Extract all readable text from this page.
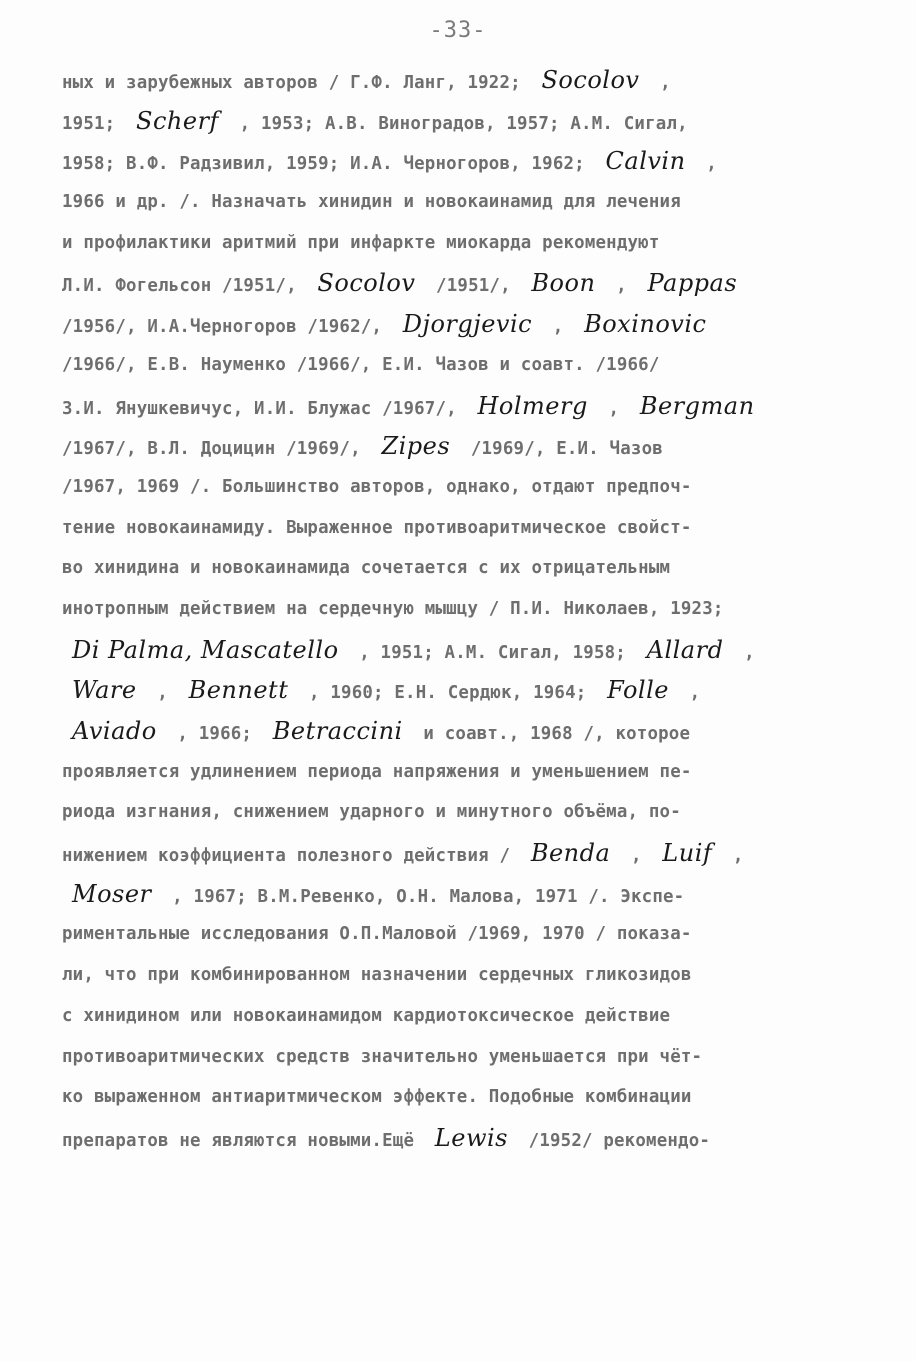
-33-
ных и зарубежных авторов / Г.Ф. Ланг, 1922; Socolov ,
1951; Scherf , 1953; А.В. Виноградов, 1957; А.М. Сигал,
1958; В.Ф. Радзивил, 1959; И.А. Черногоров, 1962; Calvin ,
1966 и др. /. Назначать хинидин и новокаинамид для лечения
и профилактики аритмий при инфаркте миокарда рекомендуют
Л.И. Фогельсон /1951/, Socolov /1951/, Boon , Pappas
/1956/, И.А.Черногоров /1962/, Djorgjevic , Boxinovic
/1966/, Е.В. Науменко /1966/, Е.И. Чазов и соавт. /1966/
З.И. Янушкевичус, И.И. Блужас /1967/, Holmerg , Bergman
/1967/, В.Л. Доцицин /1969/, Zipes /1969/, Е.И. Чазов
/1967, 1969 /. Большинство авторов, однако, отдают предпоч-
тение новокаинамиду. Выраженное противоаритмическое свойст-
во хинидина и новокаинамида сочетается с их отрицательным
инотропным действием на сердечную мышцу / П.И. Николаев, 1923;
Di Palma, Mascatello , 1951; А.М. Сигал, 1958; Allard ,
Ware , Bennett , 1960; Е.Н. Сердюк, 1964; Folle ,
Aviado , 1966; Betraccini и соавт., 1968 /, которое
проявляется удлинением периода напряжения и уменьшением пе-
риода изгнания, снижением ударного и минутного объёма, по-
нижением коэффициента полезного действия / Benda , Luif ,
Moser , 1967; В.М.Ревенко, О.Н. Малова, 1971 /. Экспе-
риментальные исследования О.П.Маловой /1969, 1970 / показа-
ли, что при комбинированном назначении сердечных гликозидов
с хинидином или новокаинамидом кардиотоксическое действие
противоаритмических средств значительно уменьшается при чёт-
ко выраженном антиаритмическом эффекте. Подобные комбинации
препаратов не являются новыми.Ещё Lewis /1952/ рекомендо-
